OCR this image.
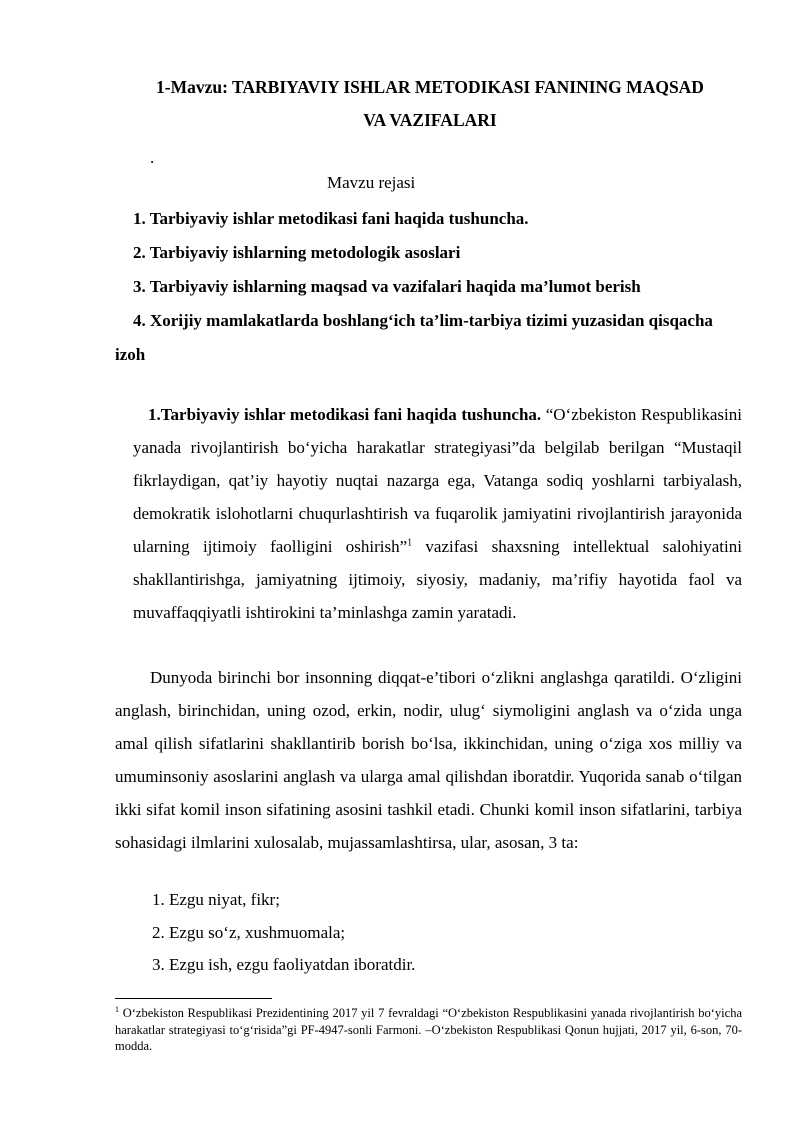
1-Mavzu: TARBIYAVIY ISHLAR METODIKASI FANINING MAQSAD
VA VAZIFALARI
.
Mavzu rejasi
1. Tarbiyaviy ishlar metodikasi fani haqida tushuncha.
2. Tarbiyaviy ishlarning metodologik asoslari
3. Tarbiyaviy ishlarning maqsad va vazifalari haqida ma’lumot berish
4. Xorijiy mamlakatlarda boshlang‘ich ta’lim-tarbiya tizimi yuzasidan qisqacha izoh
1.Tarbiyaviy ishlar metodikasi fani haqida tushuncha. “O‘zbekiston Respublikasini yanada rivojlantirish bo‘yicha harakatlar strategiyasi”da belgilab berilgan “Mustaqil fikrlaydigan, qat’iy hayotiy nuqtai nazarga ega, Vatanga sodiq yoshlarni tarbiyalash, demokratik islohotlarni chuqurlashtirish va fuqarolik jamiyatini rivojlantirish jarayonida ularning ijtimoiy faolligini oshirish”$^1$ vazifasi shaxsning intellektual salohiyatini shakllantirishga, jamiyatning ijtimoiy, siyosiy, madaniy, ma’rifiy hayotida faol va muvaffaqqiyatli ishtirokini ta’minlashga zamin yaratadi.
Dunyoda birinchi bor insonning diqqat-e’tibori o‘zlikni anglashga qaratildi. O‘zligini anglash, birinchidan, uning ozod, erkin, nodir, ulug‘ siymoligini anglash va o‘zida unga amal qilish sifatlarini shakllantirib borish bo‘lsa, ikkinchidan, uning o‘ziga xos milliy va umuminsoniy asoslarini anglash va ularga amal qilishdan iboratdir. Yuqorida sanab o‘tilgan ikki sifat komil inson sifatining asosini tashkil etadi. Chunki komil inson sifatlarini, tarbiya sohasidagi ilmlarini xulosalab, mujassamlashtirsa, ular, asosan, 3 ta:
1. Ezgu niyat, fikr;
2. Ezgu so‘z, xushmuomala;
3. Ezgu ish, ezgu faoliyatdan iboratdir.
$^1$ O‘zbekiston Respublikasi Prezidentining 2017 yil 7 fevraldagi “O‘zbekiston Respublikasini yanada rivojlantirish bo‘yicha harakatlar strategiyasi to‘g‘risida”gi PF-4947-sonli Farmoni. –O‘zbekiston Respublikasi Qonun hujjati, 2017 yil, 6-son, 70-modda.
